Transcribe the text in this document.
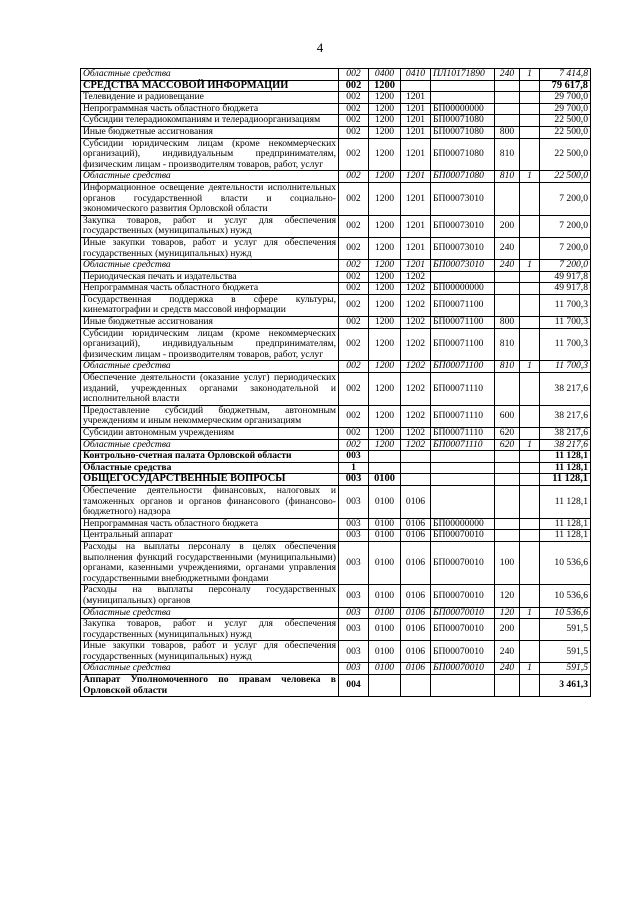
4
Областные средства	002	0400	0410	ПЛ10171890	240	1	7 414,8
СРЕДСТВА МАССОВОЙ ИНФОРМАЦИИ	002	1200					79 617,8
Телевидение и радиовещание	002	1200	1201				29 700,0
Непрограммная часть областного бюджета	002	1200	1201	БП00000000			29 700,0
Субсидии телерадиокомпаниям и телерадиоорганизациям	002	1200	1201	БП00071080			22 500,0
Иные бюджетные ассигнования	002	1200	1201	БП00071080	800		22 500,0
Субсидии юридическим лицам (кроме некоммерческих организаций), индивидуальным предпринимателям, физическим лицам - производителям товаров, работ, услуг	002	1200	1201	БП00071080	810		22 500,0
Областные средства	002	1200	1201	БП00071080	810	1	22 500,0
Информационное освещение деятельности исполнительных органов государственной власти и социально-экономического развития Орловской области	002	1200	1201	БП00073010			7 200,0
Закупка товаров, работ и услуг для обеспечения государственных (муниципальных) нужд	002	1200	1201	БП00073010	200		7 200,0
Иные закупки товаров, работ и услуг для обеспечения государственных (муниципальных) нужд	002	1200	1201	БП00073010	240		7 200,0
Областные средства	002	1200	1201	БП00073010	240	1	7 200,0
Периодическая печать и издательства	002	1200	1202				49 917,8
Непрограммная часть областного бюджета	002	1200	1202	БП00000000			49 917,8
Государственная поддержка в сфере культуры, кинематографии и средств массовой информации	002	1200	1202	БП00071100			11 700,3
Иные бюджетные ассигнования	002	1200	1202	БП00071100	800		11 700,3
Субсидии юридическим лицам (кроме некоммерческих организаций), индивидуальным предпринимателям, физическим лицам - производителям товаров, работ, услуг	002	1200	1202	БП00071100	810		11 700,3
Областные средства	002	1200	1202	БП00071100	810	1	11 700,3
Обеспечение деятельности (оказание услуг) периодических изданий, учрежденных органами законодательной и исполнительной власти	002	1200	1202	БП00071110			38 217,6
Предоставление субсидий бюджетным, автономным учреждениям и иным некоммерческим организациям	002	1200	1202	БП00071110	600		38 217,6
Субсидии автономным учреждениям	002	1200	1202	БП00071110	620		38 217,6
Областные средства	002	1200	1202	БП00071110	620	1	38 217,6
Контрольно-счетная палата Орловской области	003						11 128,1
Областные средства	1						11 128,1
ОБЩЕГОСУДАРСТВЕННЫЕ ВОПРОСЫ	003	0100					11 128,1
Обеспечение деятельности финансовых, налоговых и таможенных органов и органов финансового (финансово-бюджетного) надзора	003	0100	0106				11 128,1
Непрограммная часть областного бюджета	003	0100	0106	БП00000000			11 128,1
Центральный аппарат	003	0100	0106	БП00070010			11 128,1
Расходы на выплаты персоналу в целях обеспечения выполнения функций государственными (муниципальными) органами, казенными учреждениями, органами управления государственными внебюджетными фондами	003	0100	0106	БП00070010	100		10 536,6
Расходы на выплаты персоналу государственных (муниципальных) органов	003	0100	0106	БП00070010	120		10 536,6
Областные средства	003	0100	0106	БП00070010	120	1	10 536,6
Закупка товаров, работ и услуг для обеспечения государственных (муниципальных) нужд	003	0100	0106	БП00070010	200		591,5
Иные закупки товаров, работ и услуг для обеспечения государственных (муниципальных) нужд	003	0100	0106	БП00070010	240		591,5
Областные средства	003	0100	0106	БП00070010	240	1	591,5
Аппарат Уполномоченного по правам человека в Орловской области	004						3 461,3
